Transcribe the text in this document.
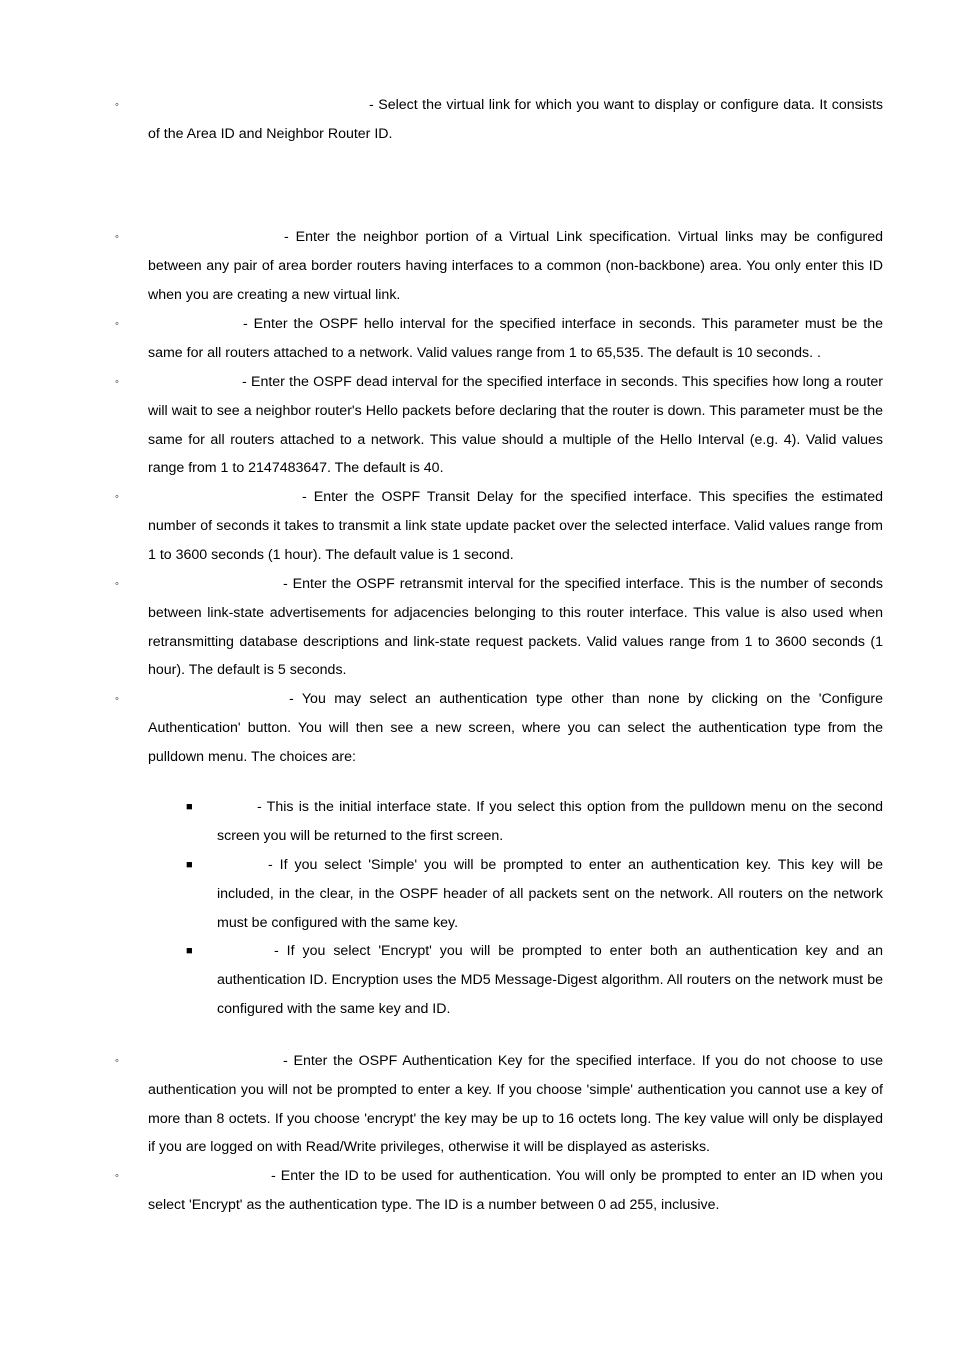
◦	- Select the virtual link for which you want to display or configure data. It consists of the Area ID and Neighbor Router ID.
◦	- Enter the neighbor portion of a Virtual Link specification. Virtual links may be configured between any pair of area border routers having interfaces to a common (non-backbone) area. You only enter this ID when you are creating a new virtual link.
◦	- Enter the OSPF hello interval for the specified interface in seconds. This parameter must be the same for all routers attached to a network. Valid values range from 1 to 65,535. The default is 10 seconds. .
◦	- Enter the OSPF dead interval for the specified interface in seconds. This specifies how long a router will wait to see a neighbor router's Hello packets before declaring that the router is down. This parameter must be the same for all routers attached to a network. This value should a multiple of the Hello Interval (e.g. 4). Valid values range from 1 to 2147483647. The default is 40.
◦	- Enter the OSPF Transit Delay for the specified interface. This specifies the estimated number of seconds it takes to transmit a link state update packet over the selected interface. Valid values range from 1 to 3600 seconds (1 hour). The default value is 1 second.
◦	- Enter the OSPF retransmit interval for the specified interface. This is the number of seconds between link-state advertisements for adjacencies belonging to this router interface. This value is also used when retransmitting database descriptions and link-state request packets. Valid values range from 1 to 3600 seconds (1 hour). The default is 5 seconds.
◦	- You may select an authentication type other than none by clicking on the 'Configure Authentication' button. You will then see a new screen, where you can select the authentication type from the pulldown menu. The choices are:
■	- This is the initial interface state. If you select this option from the pulldown menu on the second screen you will be returned to the first screen.
■	- If you select 'Simple' you will be prompted to enter an authentication key. This key will be included, in the clear, in the OSPF header of all packets sent on the network. All routers on the network must be configured with the same key.
■	- If you select 'Encrypt' you will be prompted to enter both an authentication key and an authentication ID. Encryption uses the MD5 Message-Digest algorithm. All routers on the network must be configured with the same key and ID.
◦	- Enter the OSPF Authentication Key for the specified interface. If you do not choose to use authentication you will not be prompted to enter a key. If you choose 'simple' authentication you cannot use a key of more than 8 octets. If you choose 'encrypt' the key may be up to 16 octets long. The key value will only be displayed if you are logged on with Read/Write privileges, otherwise it will be displayed as asterisks.
◦	- Enter the ID to be used for authentication. You will only be prompted to enter an ID when you select 'Encrypt' as the authentication type. The ID is a number between 0 ad 255, inclusive.
